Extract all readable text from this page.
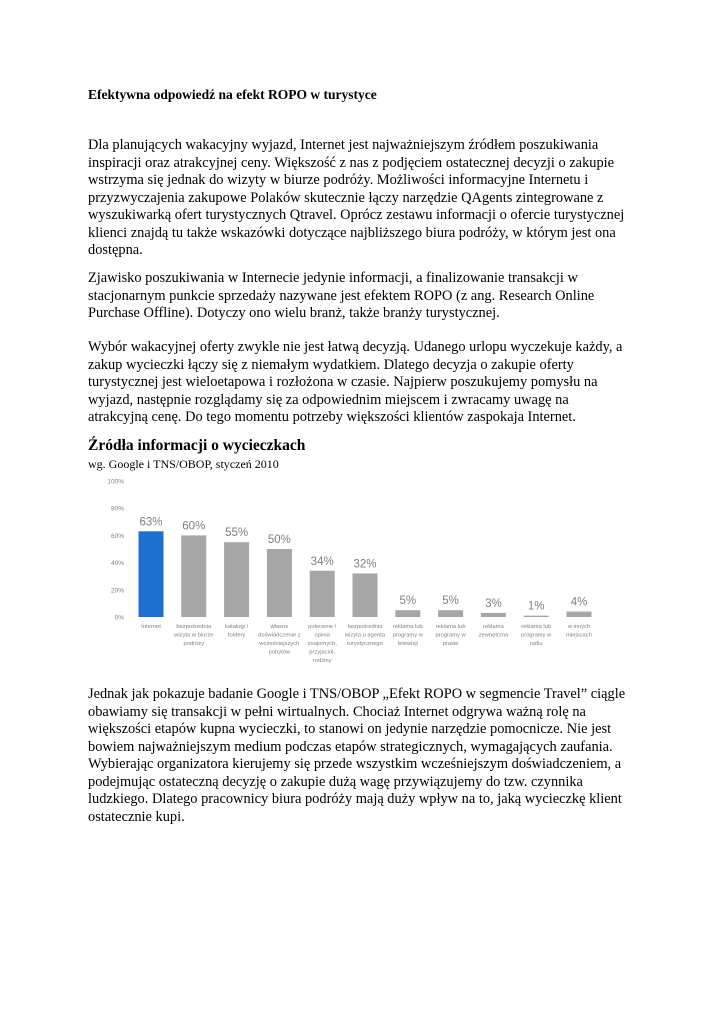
Efektywna odpowiedź na efekt ROPO w turystyce
Dla planujących wakacyjny wyjazd, Internet jest najważniejszym źródłem poszukiwania
inspiracji oraz atrakcyjnej ceny. Większość z nas z podjęciem ostatecznej decyzji o zakupie
wstrzyma się jednak do wizyty w biurze podróży. Możliwości informacyjne Internetu i
przyzwyczajenia zakupowe Polaków skutecznie łączy narzędzie QAgents zintegrowane z
wyszukiwarką ofert turystycznych Qtravel. Oprócz zestawu informacji o ofercie turystycznej
klienci znajdą tu także wskazówki dotyczące najbliższego biura podróży, w którym jest ona
dostępna.
Zjawisko poszukiwania w Internecie jedynie informacji, a finalizowanie transakcji w
stacjonarnym punkcie sprzedaży nazywane jest efektem ROPO (z ang. Research Online
Purchase Offline). Dotyczy ono wielu branż, także branży turystycznej.
Wybór wakacyjnej oferty zwykle nie jest łatwą decyzją. Udanego urlopu wyczekuje każdy, a
zakup wycieczki łączy się z niemałym wydatkiem. Dlatego decyzja o zakupie oferty
turystycznej jest wieloetapowa i rozłożona w czasie. Najpierw poszukujemy pomysłu na
wyjazd, następnie rozglądamy się za odpowiednim miejscem i zwracamy uwagę na
atrakcyjną cenę. Do tego momentu potrzeby większości klientów zaspokaja Internet.
Źródła informacji o wycieczkach

wg. Google i TNS/OBOP, styczeń 2010

0%
20%
40%
60%
80%
100%
63%
Internet
60%
bezpośrednia wizyta w biurze podróży
55%
katalogi \ foldery
50%
własne doświadczenie z wcześniejszych pobytów
34%
polecenie \ opinia znajomych, przyjaciół, rodziny
32%
bezpośrednia wizyta u agenta turystycznego
5%
reklama lub programy w telewizji
5%
reklama lub programy w prasie
3%
reklama zewnętrzna
1%
reklama lub programy w radiu
4%
w innych miejscach
Jednak jak pokazuje badanie Google i TNS/OBOP „Efekt ROPO w segmencie Travel” ciągle
obawiamy się transakcji w pełni wirtualnych. Chociaż Internet odgrywa ważną rolę na
większości etapów kupna wycieczki, to stanowi on jedynie narzędzie pomocnicze. Nie jest
bowiem najważniejszym medium podczas etapów strategicznych, wymagających zaufania.
Wybierając organizatora kierujemy się przede wszystkim wcześniejszym doświadczeniem, a
podejmując ostateczną decyzję o zakupie dużą wagę przywiązujemy do tzw. czynnika
ludzkiego. Dlatego pracownicy biura podróży mają duży wpływ na to, jaką wycieczkę klient
ostatecznie kupi.
